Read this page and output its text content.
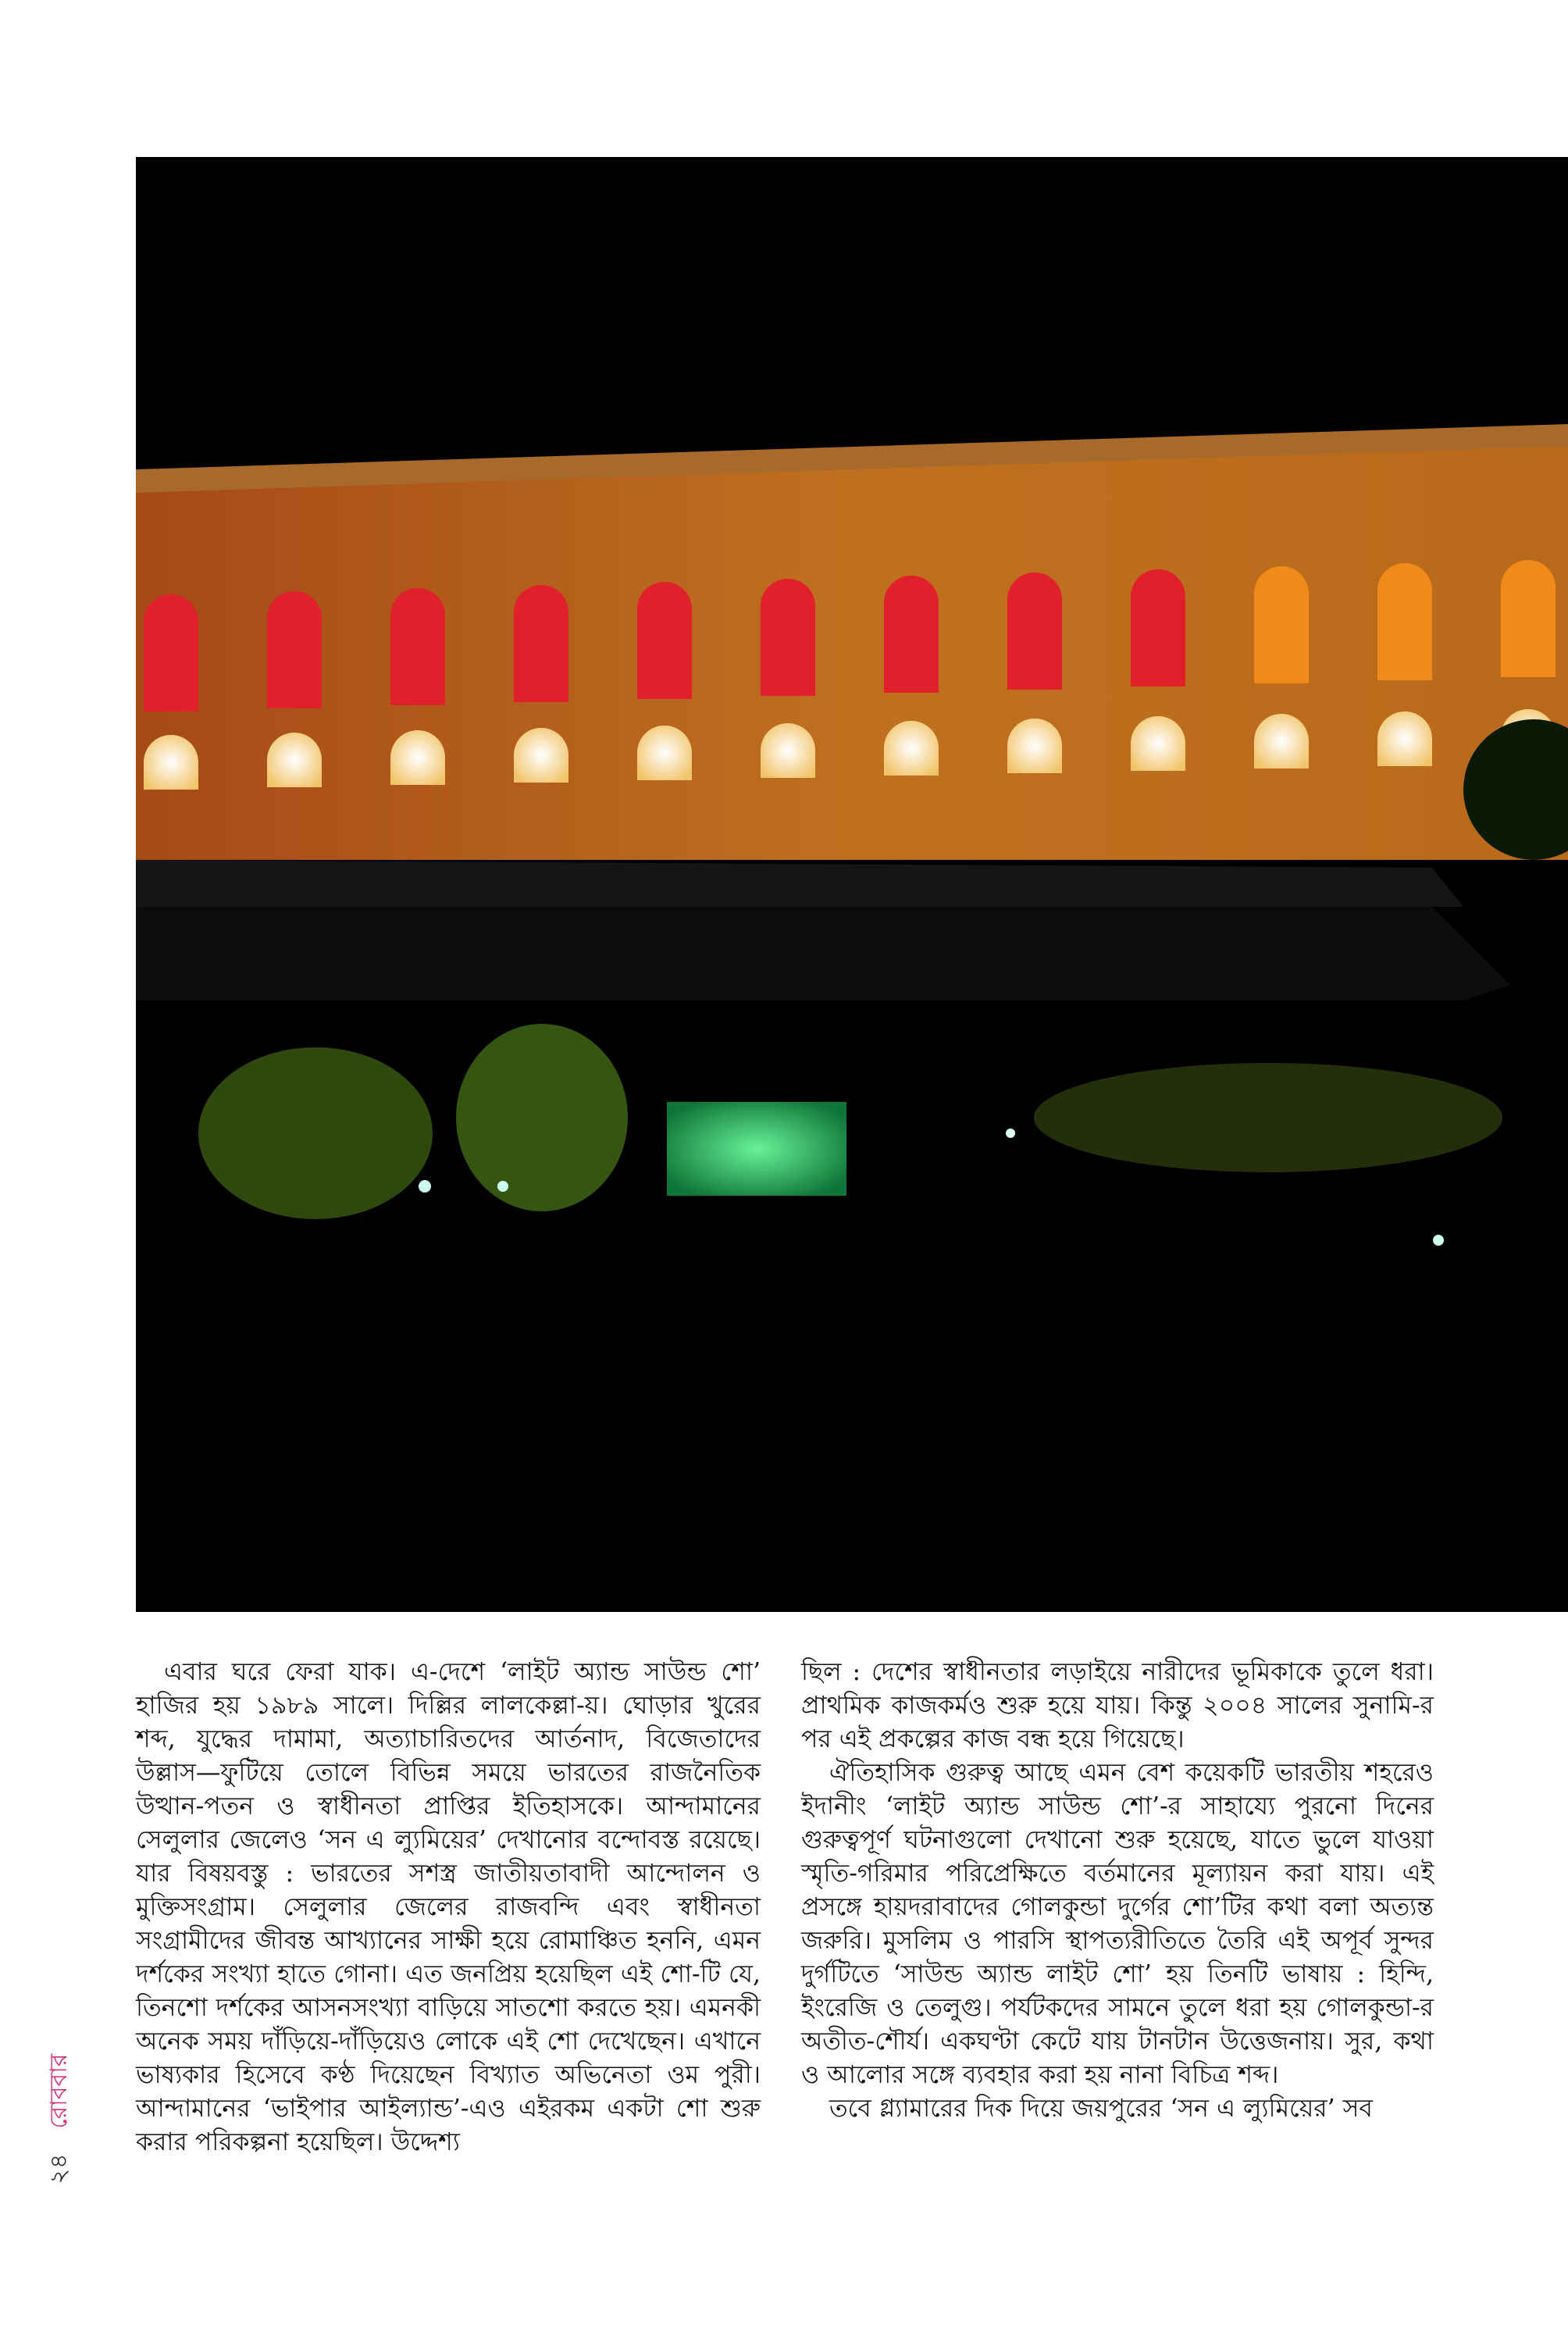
এবার ঘরে ফেরা যাক। এ-দেশে ‘লাইট অ্যান্ড সাউন্ড শো’ হাজির হয় ১৯৮৯ সালে। দিল্লির লালকেল্লা-য়। ঘোড়ার খুরের শব্দ, যুদ্ধের দামামা, অত্যাচারিতদের আর্তনাদ, বিজেতাদের উল্লাস—ফুটিয়ে তোলে বিভিন্ন সময়ে ভারতের রাজনৈতিক উত্থান-পতন ও স্বাধীনতা প্রাপ্তির ইতিহাসকে। আন্দামানের সেলুলার জেলেও ‘সন এ ল্যুমিয়ের’ দেখানোর বন্দোবস্ত রয়েছে। যার বিষয়বস্তু : ভারতের সশস্ত্র জাতীয়তাবাদী আন্দোলন ও মুক্তিসংগ্রাম। সেলুলার জেলের রাজবন্দি এবং স্বাধীনতা সংগ্রামীদের জীবন্ত আখ্যানের সাক্ষী হয়ে রোমাঞ্চিত হননি, এমন দর্শকের সংখ্যা হাতে গোনা। এত জনপ্রিয় হয়েছিল এই শো-টি যে, তিনশো দর্শকের আসনসংখ্যা বাড়িয়ে সাতশো করতে হয়। এমনকী অনেক সময় দাঁড়িয়ে-দাঁড়িয়েও লোকে এই শো দেখেছেন। এখানে ভাষ্যকার হিসেবে কণ্ঠ দিয়েছেন বিখ্যাত অভিনেতা ওম পুরী। আন্দামানের ‘ভাইপার আইল্যান্ড’-এও এইরকম একটা শো শুরু করার পরিকল্পনা হয়েছিল। উদ্দেশ্য

ছিল : দেশের স্বাধীনতার লড়াইয়ে নারীদের ভূমিকাকে তুলে ধরা। প্রাথমিক কাজকর্মও শুরু হয়ে যায়। কিন্তু ২০০৪ সালের সুনামি-র পর এই প্রকল্পের কাজ বন্ধ হয়ে গিয়েছে।

ঐতিহাসিক গুরুত্ব আছে এমন বেশ কয়েকটি ভারতীয় শহরেও ইদানীং ‘লাইট অ্যান্ড সাউন্ড শো’-র সাহায্যে পুরনো দিনের গুরুত্বপূর্ণ ঘটনাগুলো দেখানো শুরু হয়েছে, যাতে ভুলে যাওয়া স্মৃতি-গরিমার পরিপ্রেক্ষিতে বর্তমানের মূল্যায়ন করা যায়। এই প্রসঙ্গে হায়দরাবাদের গোলকুন্ডা দুর্গের শো’টির কথা বলা অত্যন্ত জরুরি। মুসলিম ও পারসি স্থাপত্যরীতিতে তৈরি এই অপূর্ব সুন্দর দুর্গটিতে ‘সাউন্ড অ্যান্ড লাইট শো’ হয় তিনটি ভাষায় : হিন্দি, ইংরেজি ও তেলুগু। পর্যটকদের সামনে তুলে ধরা হয় গোলকুন্ডা-র অতীত-শৌর্য। একঘণ্টা কেটে যায় টানটান উত্তেজনায়। সুর, কথা ও আলোর সঙ্গে ব্যবহার করা হয় নানা বিচিত্র শব্দ।

তবে গ্ল্যামারের দিক দিয়ে জয়পুরের ‘সন এ ল্যুমিয়ের’ সব

২৪ রোববার
